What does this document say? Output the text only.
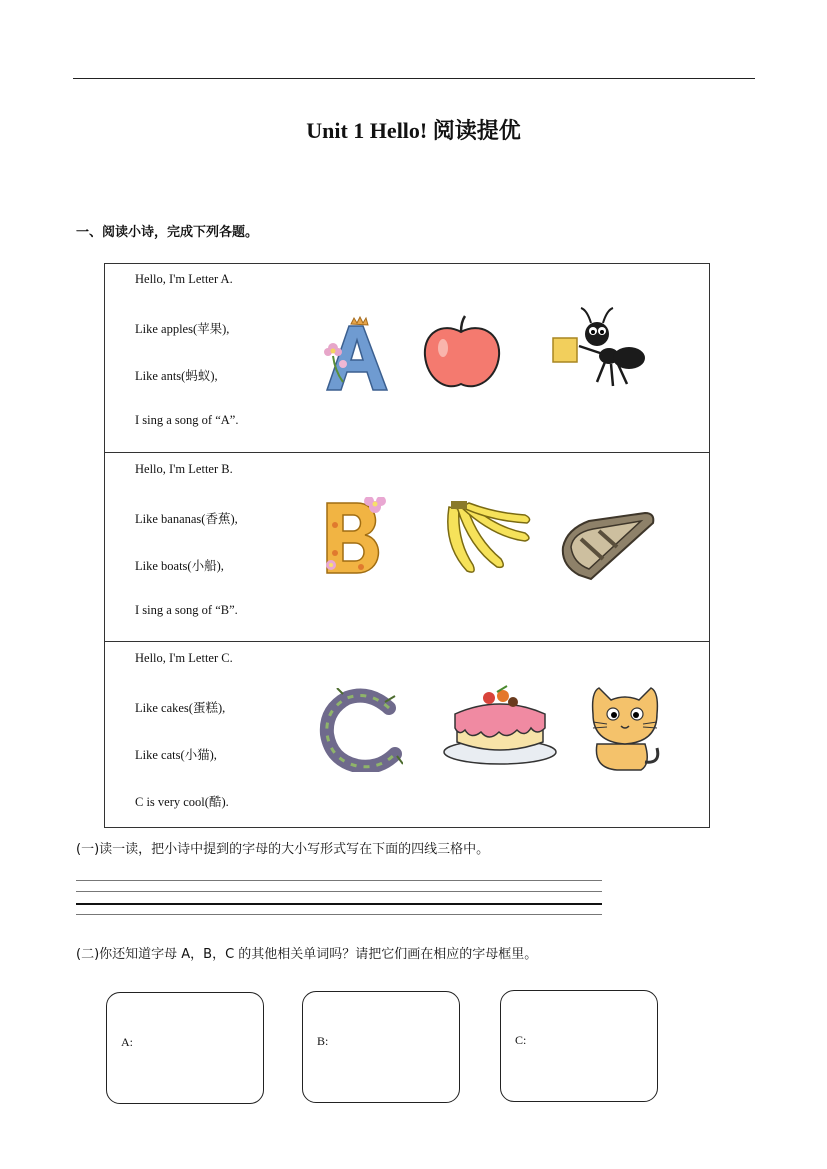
Unit 1 Hello! 阅读提优
一、阅读小诗，完成下列各题。
Hello, I'm Letter A.
Like apples(苹果),
Like ants(蚂蚁),
I sing a song of “A”.
Hello, I'm Letter B.
Like bananas(香蕉),
Like boats(小船),
I sing a song of “B”.
Hello, I'm Letter C.
Like cakes(蛋糕),
Like cats(小猫),
C is very cool(酷).
(一)读一读，把小诗中提到的字母的大小写形式写在下面的四线三格中。
(二)你还知道字母 A，B，C 的其他相关单词吗？请把它们画在相应的字母框里。
A:	B:	C:
